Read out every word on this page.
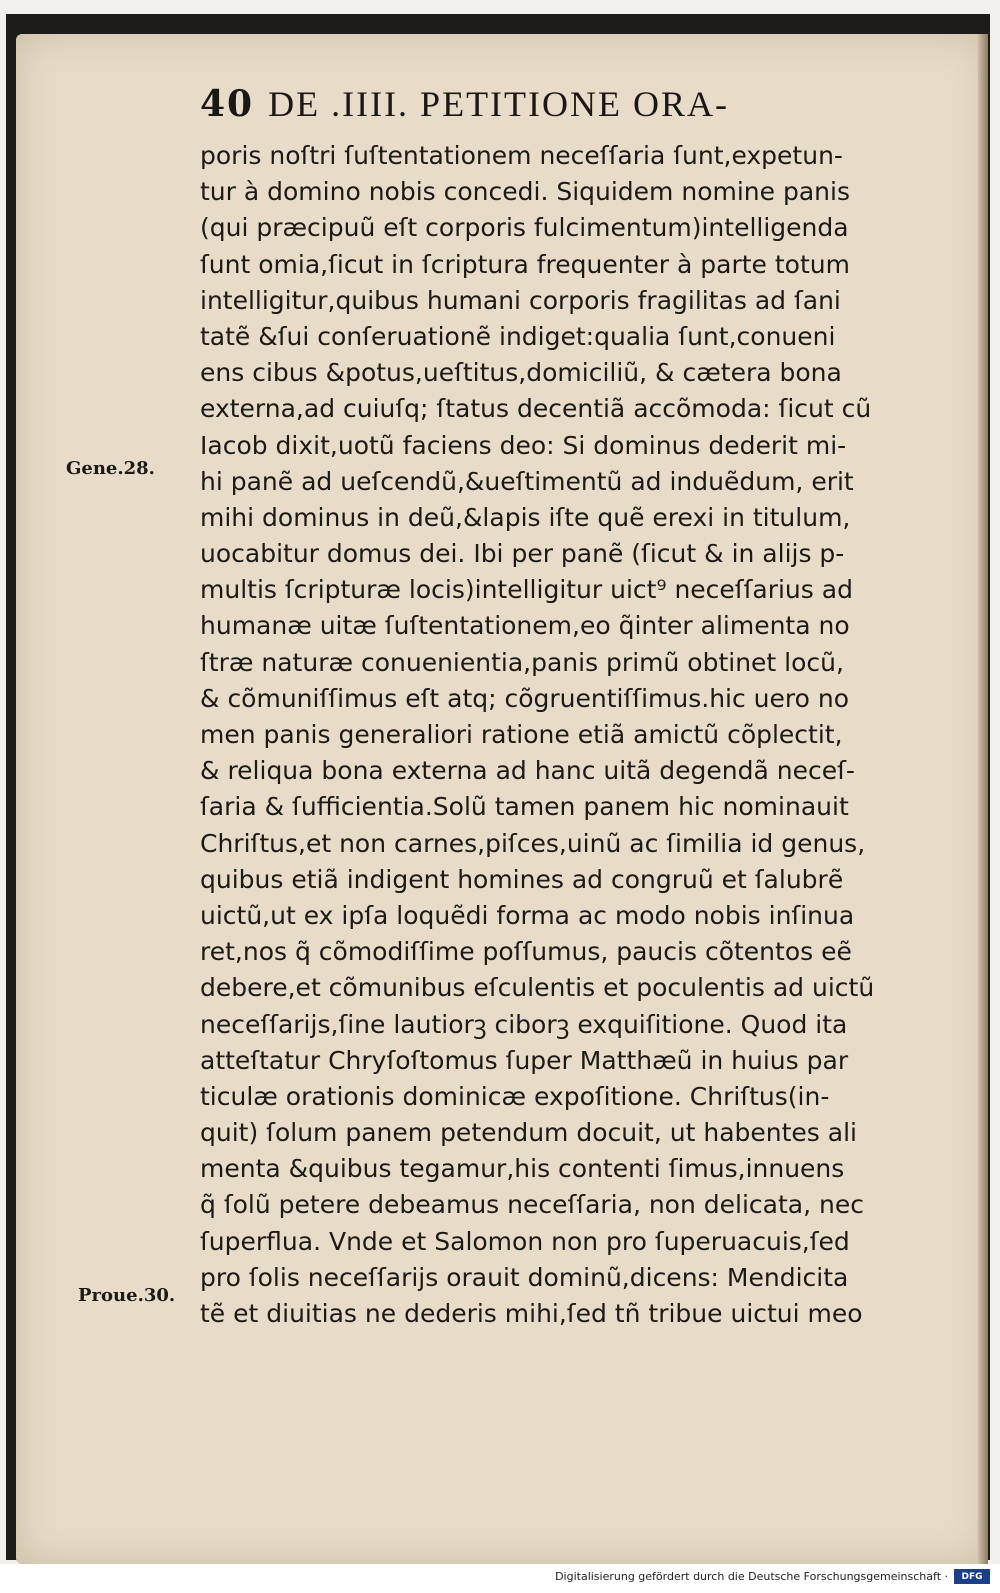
40 DE .IIII. PETITIONE ORA-
poris noſtri ſuſtentationem neceſſaria ſunt,expetun-
tur à domino nobis concedi. Siquidem nomine panis
(qui præcipuũ eſt corporis fulcimentum)intelligenda
ſunt omia,ſicut in ſcriptura frequenter à parte totum
intelligitur,quibus humani corporis fragilitas ad ſani
tatẽ &ſui conſeruationẽ indiget:qualia ſunt,conueni
ens cibus &potus,ueſtitus,domiciliũ, & cætera bona
externa,ad cuiuſq; ſtatus decentiã accõmoda: ſicut cũ
Iacob dixit,uotũ faciens deo: Si dominus dederit mi-
hi panẽ ad ueſcendũ,&ueſtimentũ ad induẽdum, erit
mihi dominus in deũ,&lapis iſte quẽ erexi in titulum,
uocabitur domus dei. Ibi per panẽ (ſicut & in alijs p-
multis ſcripturæ locis)intelligitur uict⁹ neceſſarius ad
humanæ uitæ ſuſtentationem,eo q̃inter alimenta no
ſtræ naturæ conuenientia,panis primũ obtinet locũ,
& cõmuniſſimus eſt atq; cõgruentiſſimus.hic uero no
men panis generaliori ratione etiã amictũ cõplectit,
& reliqua bona externa ad hanc uitã degendã neceſ-
ſaria & ſufficientia.Solũ tamen panem hic nominauit
Chriſtus,et non carnes,piſces,uinũ ac ſimilia id genus,
quibus etiã indigent homines ad congruũ et ſalubrẽ
uictũ,ut ex ipſa loquẽdi forma ac modo nobis inſinua
ret,nos q̃ cõmodiſſime poſſumus, paucis cõtentos eẽ
debere,et cõmunibus eſculentis et poculentis ad uictũ
neceſſarijs,ſine lautiorꝫ ciborꝫ exquiſitione. Quod ita
atteſtatur Chryſoſtomus ſuper Matthæũ in huius par
ticulæ orationis dominicæ expoſitione. Chriſtus(in-
quit) ſolum panem petendum docuit, ut habentes ali
menta &quibus tegamur,his contenti ſimus,innuens
q̃ ſolũ petere debeamus neceſſaria, non delicata, nec
ſuperflua. Vnde et Salomon non pro ſuperuacuis,ſed
pro ſolis neceſſarijs orauit dominũ,dicens: Mendicita
tẽ et diuitias ne dederis mihi,ſed tñ tribue uictui meo
Gene.28.
Prouе.30.
Digitalisierung gefördert durch die Deutsche Forschungsgemeinschaft ·	DFG
